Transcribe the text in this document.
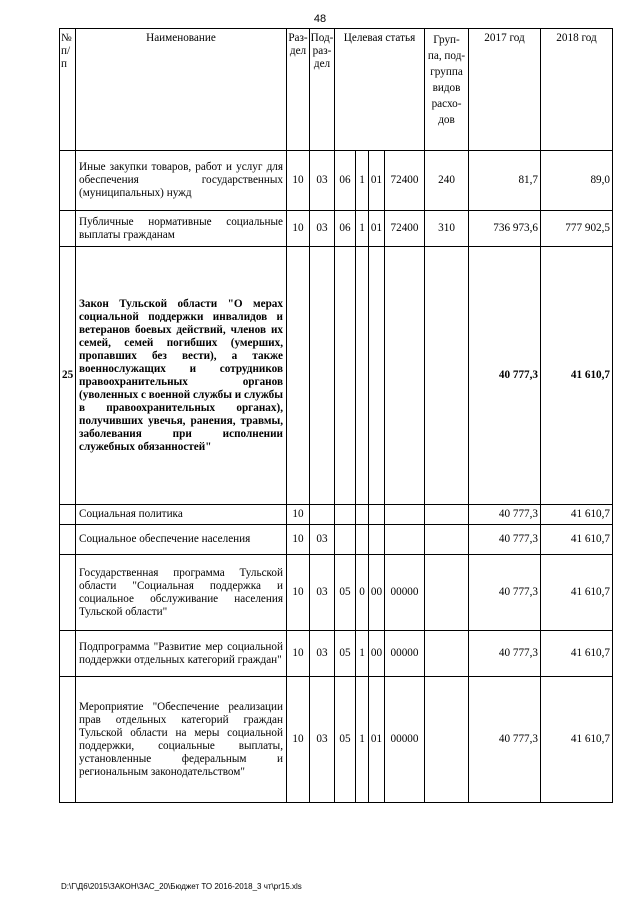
48
№ п/п	Наименование	Раз-дел	Под-раз-дел	Целевая статья				Груп-па, под-группа видов расхо-дов	2017 год	2018 год
	Иные закупки товаров, работ и услуг для обеспечения государственных (муниципальных) нужд	10	03	06	1	01	72400	240	81,7	89,0
	Публичные нормативные социальные выплаты гражданам	10	03	06	1	01	72400	310	736 973,6	777 902,5
25	Закон Тульской области "О мерах социальной поддержки инвалидов и ветеранов боевых действий, членов их семей, семей погибших (умерших, пропавших без вести), а также военнослужащих и сотрудников правоохранительных органов (уволенных с военной службы и службы в правоохранительных органах), получивших увечья, ранения, травмы, заболевания при исполнении служебных обязанностей"								40 777,3	41 610,7
	Социальная политика	10							40 777,3	41 610,7
	Социальное обеспечение населения	10	03						40 777,3	41 610,7
	Государственная программа Тульской области "Социальная поддержка и социальное обслуживание населения Тульской области"	10	03	05	0	00	00000		40 777,3	41 610,7
	Подпрограмма "Развитие мер социальной поддержки отдельных категорий граждан"	10	03	05	1	00	00000		40 777,3	41 610,7
	Мероприятие "Обеспечение реализации прав отдельных категорий граждан Тульской области на меры социальной поддержки, социальные выплаты, установленные федеральным и региональным законодательством"	10	03	05	1	01	00000		40 777,3	41 610,7
D:\Г\Д6\2015\ЗАКОН\ЗАС_20\Бюджет ТО 2016-2018_3 чт\pr15.xls
